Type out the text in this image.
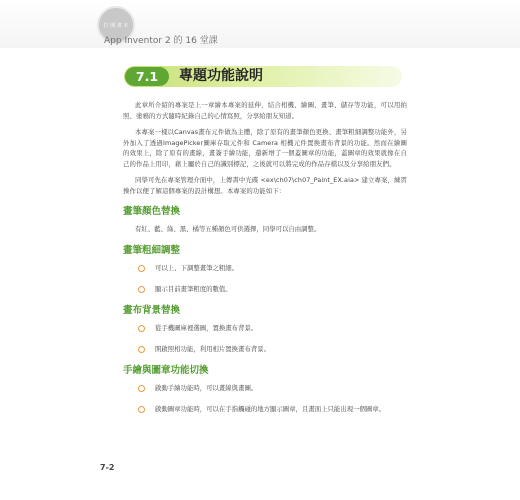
打 開 書 本
App Inventor 2 的 16 堂課
7.1	專題功能說明

此章所介紹的專案是上一章繪本專案的延伸，結合相機、繪圖、畫筆、儲存等功能，可以用拍照、塗鴉的方式隨時紀錄自己的心情寫照，分享給朋友知道。

本專案一樣以Canvas畫布元件做為主體，除了原有的畫筆顏色更換、畫筆粗細調整功能外，另外加入了透過ImagePicker圖庫存取元件和 Camera 相機元件置換畫布背景的功能。然而在繪圖的效果上，除了原有的畫線，畫簽手繪功能，還新增了一個蓋圖章的功能，蓋圖章的效果就像在自己的作品上用印，藉上屬於自己的識別標記，之後就可以將完成的作品存檔以及分享給朋友們。

同學可先在專案管理介面中，上傳書中光碟 <ex\ch07\ch07_Paint_EX.aia> 建立專案，練習操作以便了解這個專案的設計構想。本專案的功能如下：

畫筆顏色替換

有紅、藍、綠、黑、橘等五種顏色可供選擇，同學可以自由調整。

畫筆粗細調整
可以上、下調整畫筆之粗細。
顯示目前畫筆粗度的數值。
畫布背景替換
從手機圖庫裡選圖，置換畫布背景。
開啟照相功能，利用相片置換畫布背景。
手繪與圖章功能切換
啟動手繪功能時，可以畫線與畫圖。
啟動圖章功能時，可以在手指觸碰的地方顯示圖章，且畫面上只能出現一個圖章。
7-2
